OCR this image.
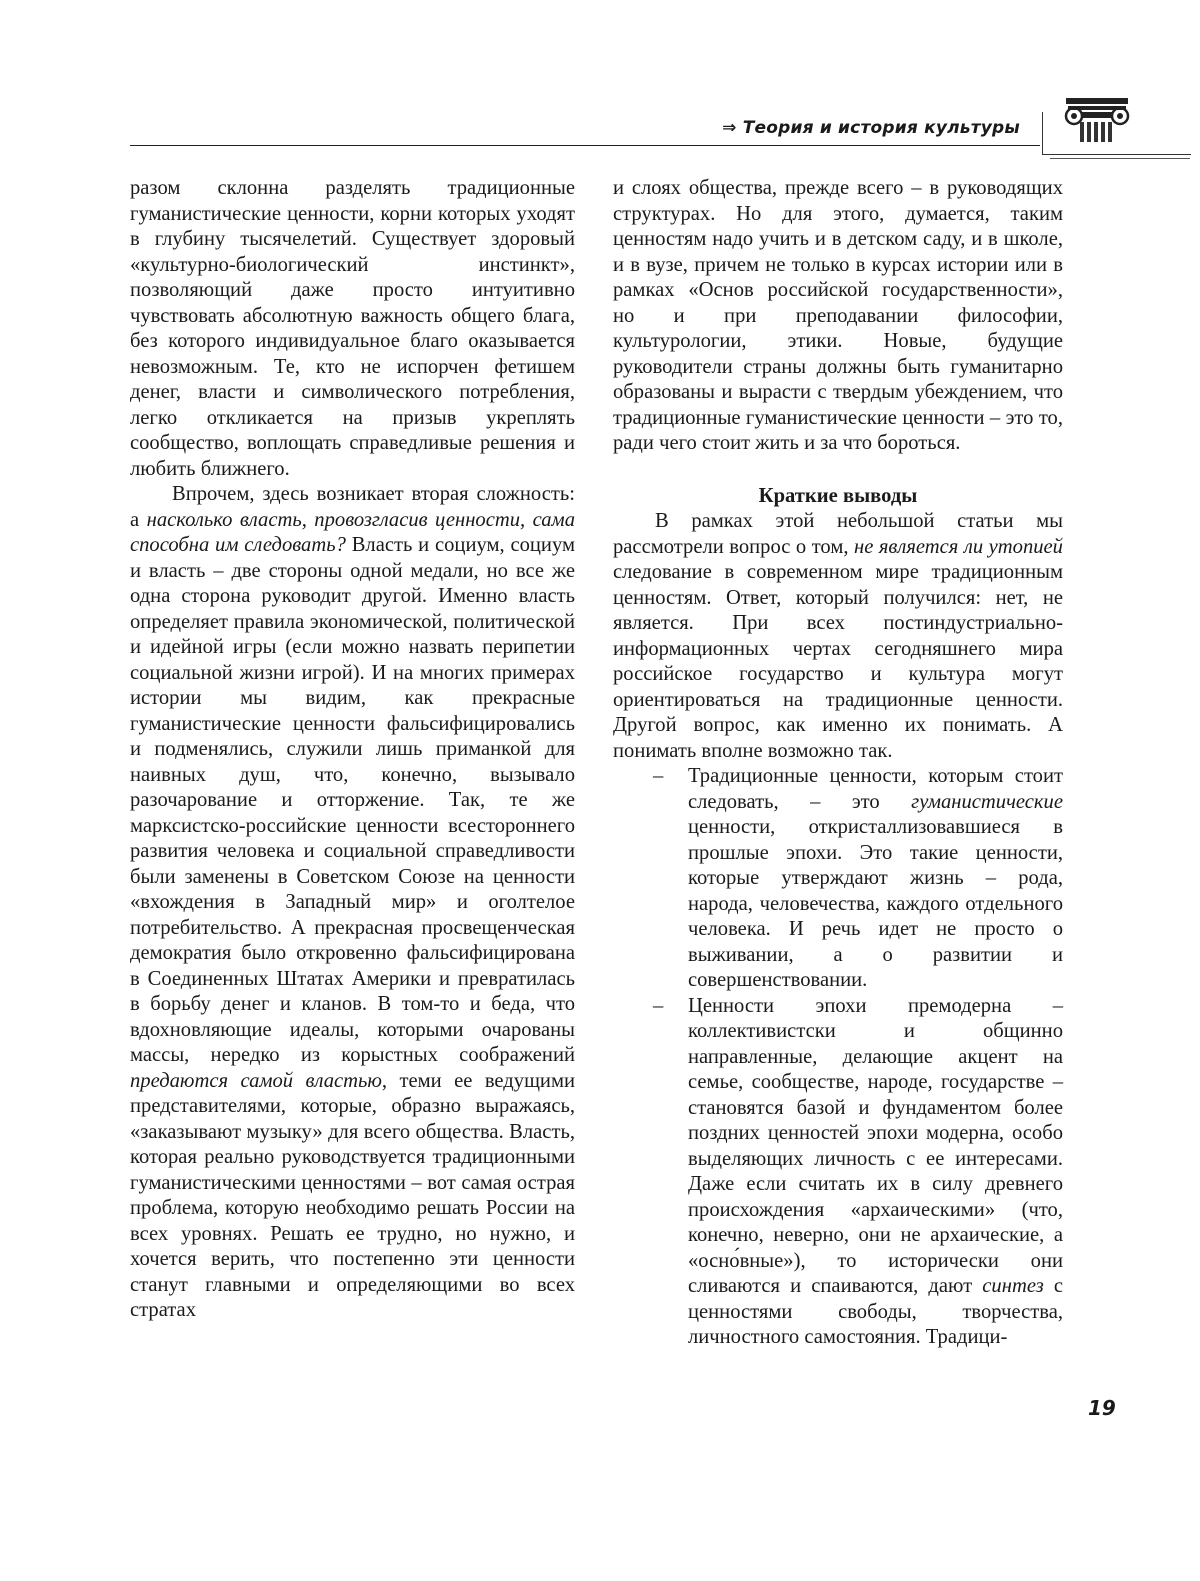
⇒ Теория и история культуры

разом склонна разделять традиционные гуманистические ценности, корни которых уходят в глубину тысячелетий. Существует здоровый «культурно-биологический инстинкт», позволяющий даже просто интуитивно чувствовать абсолютную важность общего блага, без которого индивидуальное благо оказывается невозможным. Те, кто не испорчен фетишем денег, власти и символического потребления, легко откликается на призыв укреплять сообщество, воплощать справедливые решения и любить ближнего.

Впрочем, здесь возникает вторая сложность: а насколько власть, провозгласив ценности, сама способна им следовать? Власть и социум, социум и власть – две стороны одной медали, но все же одна сторона руководит другой. Именно власть определяет правила экономической, политической и идейной игры (если можно назвать перипетии социальной жизни игрой). И на многих примерах истории мы видим, как прекрасные гуманистические ценности фальсифицировались и подменялись, служили лишь приманкой для наивных душ, что, конечно, вызывало разочарование и отторжение. Так, те же марксистско-российские ценности всестороннего развития человека и социальной справедливости были заменены в Советском Союзе на ценности «вхождения в Западный мир» и оголтелое потребительство. А прекрасная просвещенческая демократия было откровенно фальсифицирована в Соединенных Штатах Америки и превратилась в борьбу денег и кланов. В том-то и беда, что вдохновляющие идеалы, которыми очарованы массы, нередко из корыстных соображений предаются самой властью, теми ее ведущими представителями, которые, образно выражаясь, «заказывают музыку» для всего общества. Власть, которая реально руководствуется традиционными гуманистическими ценностями – вот самая острая проблема, которую необходимо решать России на всех уровнях. Решать ее трудно, но нужно, и хочется верить, что постепенно эти ценности станут главными и определяющими во всех стратах

и слоях общества, прежде всего – в руководящих структурах. Но для этого, думается, таким ценностям надо учить и в детском саду, и в школе, и в вузе, причем не только в курсах истории или в рамках «Основ российской государственности», но и при преподавании философии, культурологии, этики. Новые, будущие руководители страны должны быть гуманитарно образованы и вырасти с твердым убеждением, что традиционные гуманистические ценности – это то, ради чего стоит жить и за что бороться.

Краткие выводы

В рамках этой небольшой статьи мы рассмотрели вопрос о том, не является ли утопией следование в современном мире традиционным ценностям. Ответ, который получился: нет, не является. При всех постиндустриально-информационных чертах сегодняшнего мира российское государство и культура могут ориентироваться на традиционные ценности. Другой вопрос, как именно их понимать. А понимать вполне возможно так.

– Традиционные ценности, которым стоит следовать, – это гуманистические ценности, откристаллизовавшиеся в прошлые эпохи. Это такие ценности, которые утверждают жизнь – рода, народа, человечества, каждого отдельного человека. И речь идет не просто о выживании, а о развитии и совершенствовании.
– Ценности эпохи премодерна – коллективистски и общинно направленные, делающие акцент на семье, сообществе, народе, государстве – становятся базой и фундаментом более поздних ценностей эпохи модерна, особо выделяющих личность с ее интересами. Даже если считать их в силу древнего происхождения «архаическими» (что, конечно, неверно, они не архаические, а «осно́вные»), то исторически они сливаются и спаиваются, дают синтез с ценностями свободы, творчества, личностного самостояния. Традици-
19
